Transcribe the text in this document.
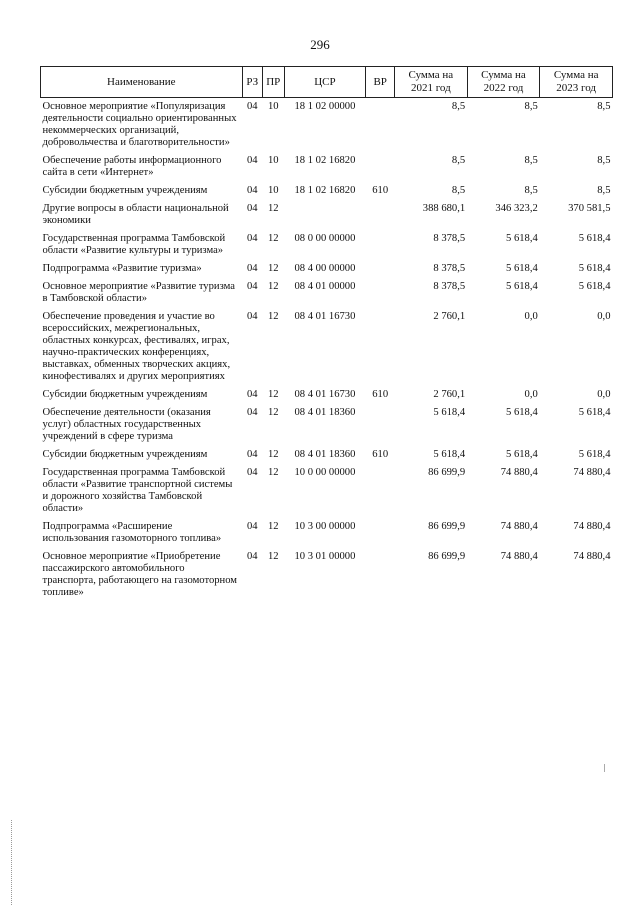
296
Наименование	РЗ	ПР	ЦСР	ВР	Сумма на 2021 год	Сумма на 2022 год	Сумма на 2023 год
Основное мероприятие «Популяризация деятельности социально ориентированных некоммерческих организаций, добровольчества и благотворительности»	04	10	18 1 02 00000		8,5	8,5	8,5
Обеспечение работы информационного сайта в сети «Интернет»	04	10	18 1 02 16820		8,5	8,5	8,5
Субсидии бюджетным учреждениям	04	10	18 1 02 16820	610	8,5	8,5	8,5
Другие вопросы в области национальной экономики	04	12			388 680,1	346 323,2	370 581,5
Государственная программа Тамбовской области «Развитие культуры и туризма»	04	12	08 0 00 00000		8 378,5	5 618,4	5 618,4
Подпрограмма «Развитие туризма»	04	12	08 4 00 00000		8 378,5	5 618,4	5 618,4
Основное мероприятие «Развитие туризма в Тамбовской области»	04	12	08 4 01 00000		8 378,5	5 618,4	5 618,4
Обеспечение проведения и участие во всероссийских, межрегиональных, областных конкурсах, фестивалях, играх, научно-практических конференциях, выставках, обменных творческих акциях, кинофестивалях и других мероприятиях	04	12	08 4 01 16730		2 760,1	0,0	0,0
Субсидии бюджетным учреждениям	04	12	08 4 01 16730	610	2 760,1	0,0	0,0
Обеспечение деятельности (оказания услуг) областных государственных учреждений в сфере туризма	04	12	08 4 01 18360		5 618,4	5 618,4	5 618,4
Субсидии бюджетным учреждениям	04	12	08 4 01 18360	610	5 618,4	5 618,4	5 618,4
Государственная программа Тамбовской области «Развитие транспортной системы и дорожного хозяйства Тамбовской области»	04	12	10 0 00 00000		86 699,9	74 880,4	74 880,4
Подпрограмма «Расширение использования газомоторного топлива»	04	12	10 3 00 00000		86 699,9	74 880,4	74 880,4
Основное мероприятие «Приобретение пассажирского автомобильного транспорта, работающего на газомоторном топливе»	04	12	10 3 01 00000		86 699,9	74 880,4	74 880,4
